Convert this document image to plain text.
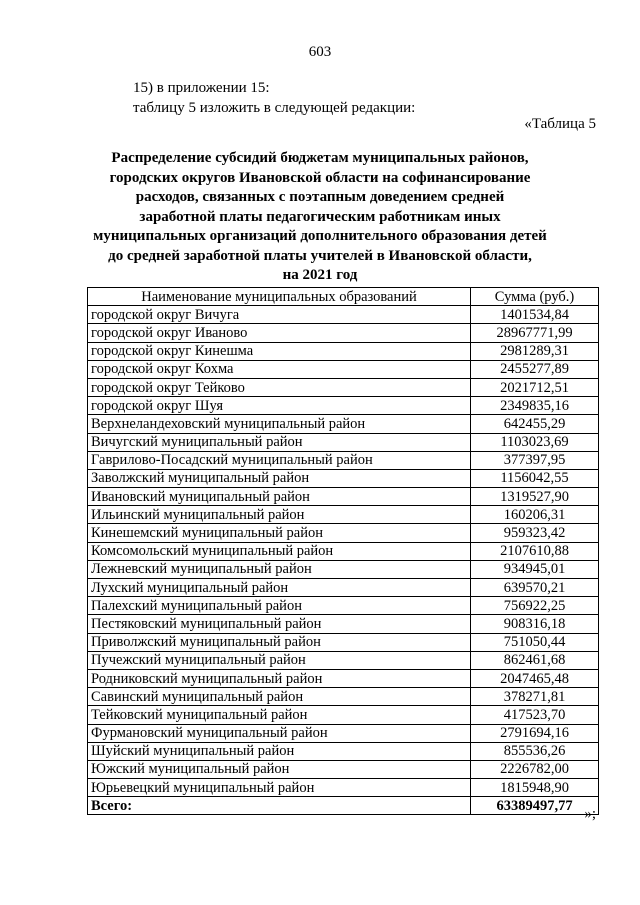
603
15) в приложении 15:
таблицу 5 изложить в следующей редакции:
«Таблица 5
Распределение субсидий бюджетам муниципальных районов,
городских округов Ивановской области на софинансирование
расходов, связанных с поэтапным доведением средней
заработной платы педагогическим работникам иных
муниципальных организаций дополнительного образования детей
до средней заработной платы учителей в Ивановской области,
на 2021 год
Наименование муниципальных образований	Сумма (руб.)
городской округ Вичуга	1401534,84
городской округ Иваново	28967771,99
городской округ Кинешма	2981289,31
городской округ Кохма	2455277,89
городской округ Тейково	2021712,51
городской округ Шуя	2349835,16
Верхнеландеховский муниципальный район	642455,29
Вичугский муниципальный район	1103023,69
Гаврилово-Посадский муниципальный район	377397,95
Заволжский муниципальный район	1156042,55
Ивановский муниципальный район	1319527,90
Ильинский муниципальный район	160206,31
Кинешемский муниципальный район	959323,42
Комсомольский муниципальный район	2107610,88
Лежневский муниципальный район	934945,01
Лухский муниципальный район	639570,21
Палехский муниципальный район	756922,25
Пестяковский муниципальный район	908316,18
Приволжский муниципальный район	751050,44
Пучежский муниципальный район	862461,68
Родниковский муниципальный район	2047465,48
Савинский муниципальный район	378271,81
Тейковский муниципальный район	417523,70
Фурмановский муниципальный район	2791694,16
Шуйский муниципальный район	855536,26
Южский муниципальный район	2226782,00
Юрьевецкий муниципальный район	1815948,90
Всего:	63389497,77
»;
